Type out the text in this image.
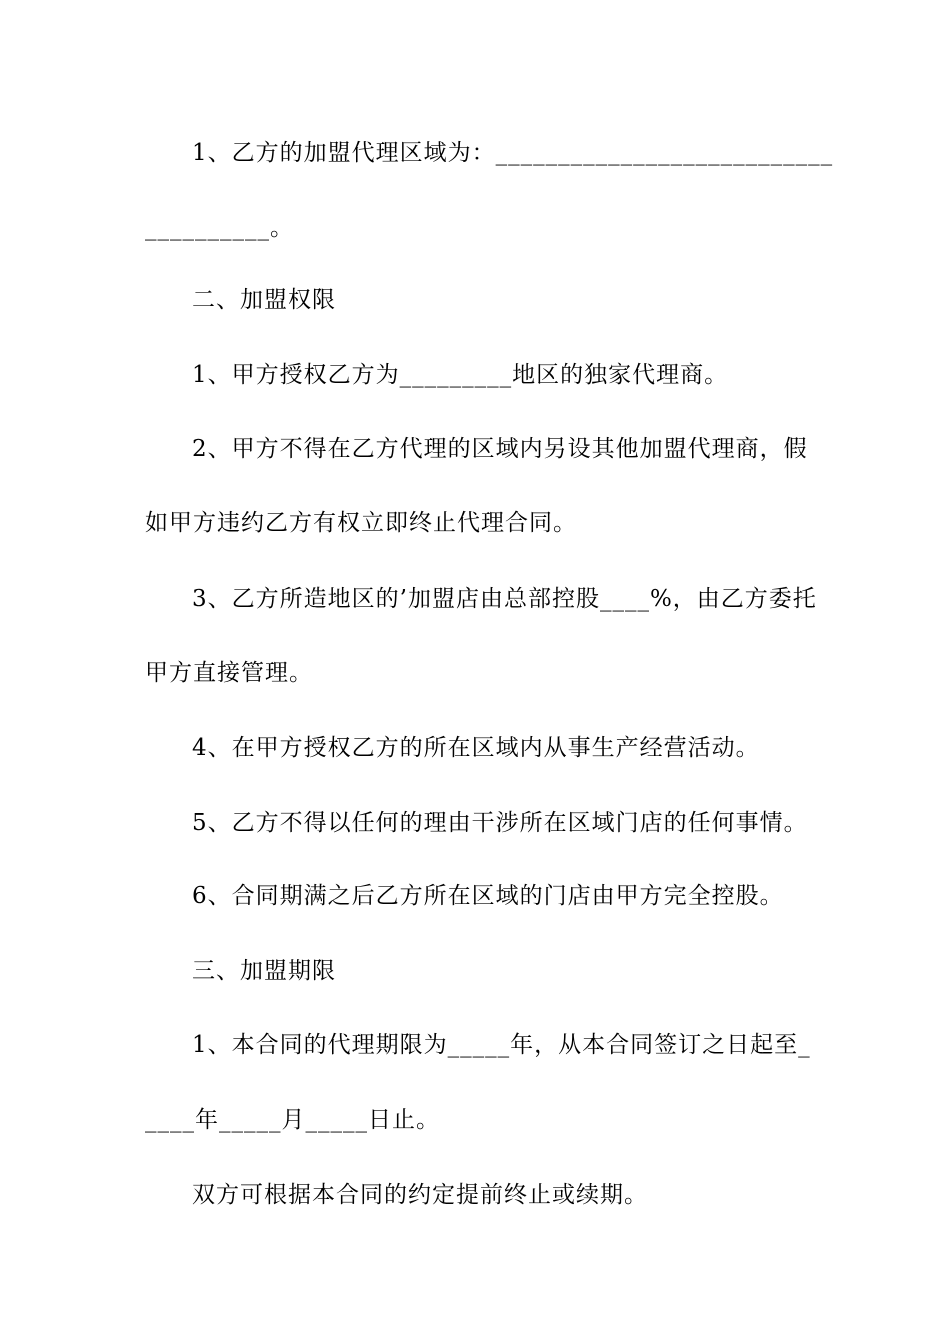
1、乙方的加盟代理区域为：___________________________
__________。
二、加盟权限
1、甲方授权乙方为_________地区的独家代理商。
2、甲方不得在乙方代理的区域内另设其他加盟代理商，假
如甲方违约乙方有权立即终止代理合同。
3、乙方所造地区的’加盟店由总部控股____%，由乙方委托
甲方直接管理。
4、在甲方授权乙方的所在区域内从事生产经营活动。
5、乙方不得以任何的理由干涉所在区域门店的任何事情。
6、合同期满之后乙方所在区域的门店由甲方完全控股。
三、加盟期限
1、本合同的代理期限为_____年，从本合同签订之日起至_
____年_____月_____日止。
双方可根据本合同的约定提前终止或续期。
